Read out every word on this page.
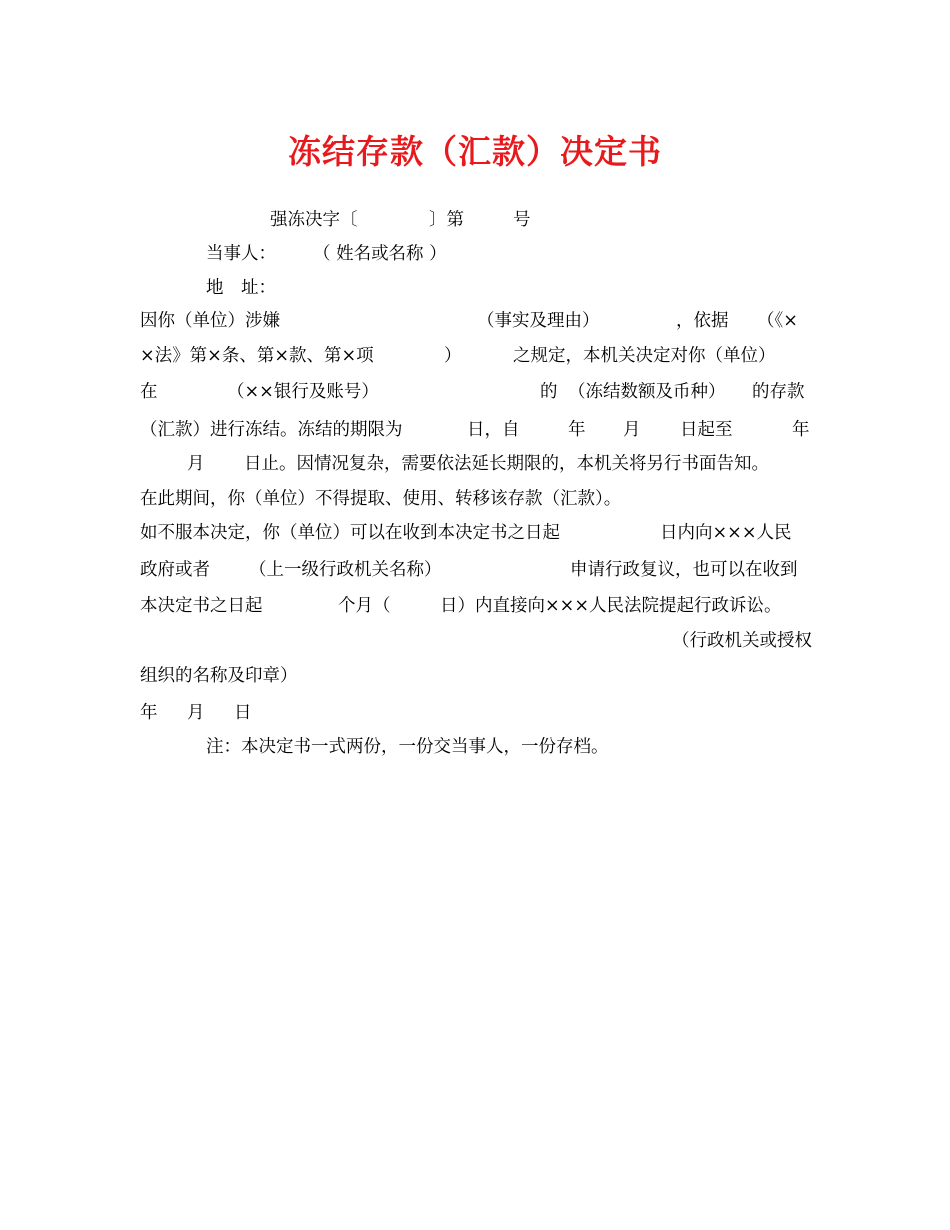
冻结存款（汇款）决定书
强冻决字〔	〕第	号
当事人： （ 姓名或名称 ）
地　址：
因你（单位）涉嫌	（事实及理由）	，依据 （《×
×法》第×条、第×款、第×项	）	之规定，本机关决定对你（单位）
在	（××银行及账号）	的 （冻结数额及币种） 的存款
（汇款）进行冻结。冻结的期限为	日，自	年 月 日起至	年
月 日止。因情况复杂，需要依法延长期限的，本机关将另行书面告知。
在此期间，你（单位）不得提取、使用、转移该存款（汇款）。
如不服本决定，你（单位）可以在收到本决定书之日起	日内向×××人民
政府或者 （上一级行政机关名称）	申请行政复议，也可以在收到
本决定书之日起	个月（	日）内直接向×××人民法院提起行政诉讼。
（行政机关或授权
组织的名称及印章）
年 月 日
注：本决定书一式两份，一份交当事人，一份存档。
